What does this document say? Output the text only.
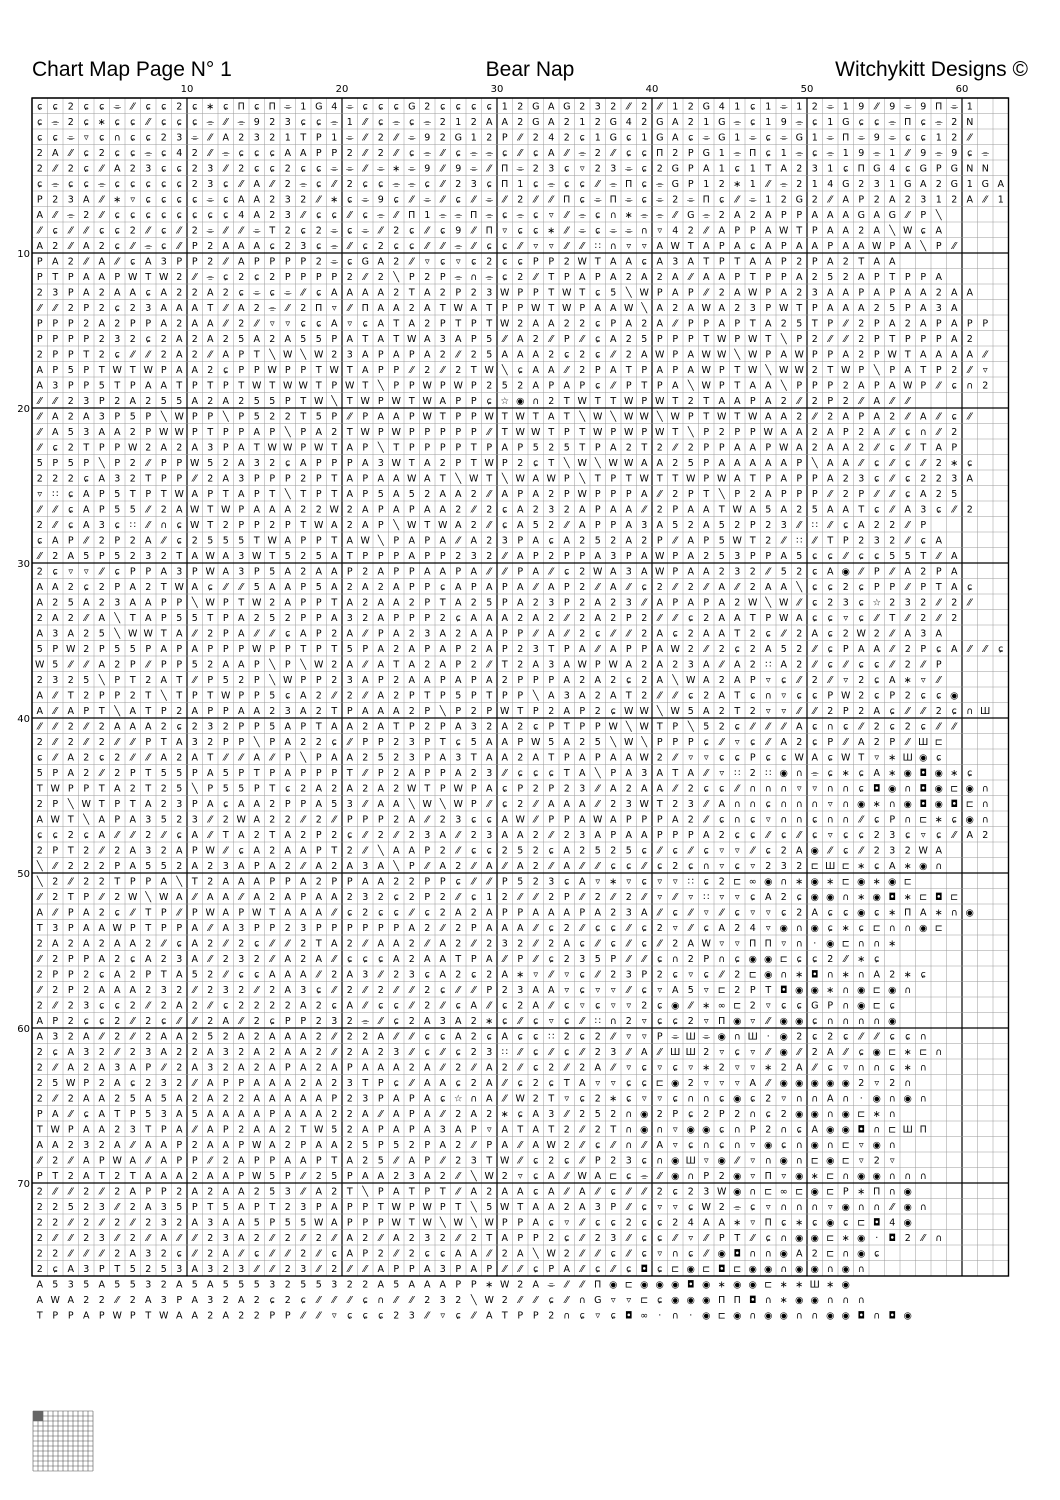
Chart Map Page N° 1	Bear Nap	Witchykitt Designs ©
10	20	30	40	50	60
10
20
30
40
50
60
70
ɕ ɕ 2 ɕ ɕ ⌯ ⁄⁄ ɕ ɕ 2 ɕ ∗ ɕ Π ɕ Π ⌯ 1 G 4 ⌯ ɕ ɕ ɕ G 2 ɕ ɕ ɕ ɕ 1 2 G A G 2 3 2 ⁄⁄ 2 ⁄⁄ 1 2 G 4 1 ɕ 1 ⌯ 1 2 ⌯ 1 9 ⁄⁄ 9 ⌯ 9 Π ⌯ 1
ɕ ⌯ 2 ɕ ∗ ɕ ɕ ⁄⁄ ɕ ɕ ɕ ⌯ ⁄⁄ ⌯ 9 2 3 ɕ ɕ ⌯ 1 ⁄⁄ ɕ ⌯ ɕ ⌯ 2 1 2 A A 2 G A 2 1 2 G 4 2 G A 2 1 G ⌯ ɕ 1 9 ⌯ ɕ 1 G ɕ ɕ ⌯ Π ɕ ⌯ 2 N
ɕ ɕ ⌯ ▿ ɕ ∩ ɕ ɕ 2 3 ⌯ ⁄⁄ A 2 3 2 1 T P 1 ⌯ ⁄⁄ 2 ⁄⁄ ⌯ 9 2 G 1 2 P ⁄⁄ 2 4 2 ɕ 1 G ɕ 1 G A ɕ ⌯ G 1 ⌯ ɕ ⌯ G 1 ⌯ Π ⌯ 9 ⌯ ɕ ɕ 1 2 ⁄⁄
2 A ⁄⁄ ɕ 2 ɕ ɕ ⌯ ɕ 4 2 ⁄⁄ ⌯ ɕ ɕ ɕ A A P P 2 ⁄⁄ 2 ⁄⁄ ɕ ⌯ ⁄⁄ ɕ ⌯ ⌯ ɕ ⁄⁄ ɕ A ⁄⁄ ⌯ 2 ⁄⁄ ɕ ɕ Π 2 P G 1 ⌯ Π ɕ 1 ⌯ ɕ ⌯ 1 9 ⌯ 1 ⁄⁄ 9 ⌯ 9 ɕ ⌯
2 ⁄⁄ 2 ɕ ⁄⁄ A 2 3 ɕ ɕ 2 3 ⁄⁄ 2 ɕ ɕ 2 ɕ ɕ ⌯ ⌯ ⁄⁄ ⌯ ∗ ⌯ 9 ⁄⁄ 9 ⌯ ⁄⁄ Π ⌯ 2 3 ɕ ▿ 2 3 ⌯ ɕ 2 G P A 1 ɕ 1 T A 2 3 1 ɕ Π G 4 ɕ G P G N N
ɕ ⌯ ɕ ɕ ⌯ ɕ ɕ ɕ ɕ ɕ 2 3 ɕ ⁄⁄ A ⁄⁄ 2 ⌯ ɕ ⁄⁄ 2 ɕ ɕ ⌯ ⌯ ɕ ⁄⁄ 2 3 ɕ Π 1 ɕ ⌯ ɕ ɕ ⁄⁄ ⌯ Π ɕ ⌯ G P 1 2 ∗ 1 ⁄⁄ ⌯ 2 1 4 G 2 3 1 G A 2 G 1 G A
P 2 3 A ⁄⁄ ∗ ▿ ɕ ɕ ɕ ɕ ⌯ ɕ A A 2 3 2 ⁄⁄ ∗ ɕ ⌯ 9 ɕ ⁄⁄ ⌯ ⁄⁄ ɕ ⁄⁄ ⌯ ⁄⁄ 2 ⁄⁄ ⁄⁄ Π ɕ ⌯ Π ⌯ ɕ ⌯ 2 ⌯ Π ɕ ⁄⁄ ⌯ 1 2 G 2 ⁄⁄ A P 2 A 2 3 1 2 A ⁄⁄ 1
A ⁄⁄ ⌯ 2 ⁄⁄ ɕ ɕ ɕ ɕ ɕ ɕ ɕ ɕ 4 A 2 3 ⁄⁄ ɕ ɕ ⁄⁄ ɕ ⌯ ⁄⁄ Π 1 ⌯ ⌯ Π ⌯ ɕ ⌯ ɕ ▿ ⁄⁄ ⌯ ɕ ∩ ∗ ⌯ ⌯ ⁄⁄ G ⌯ 2 A 2 A P P A A A G A G ⁄⁄ P ╲
⁄⁄ ɕ ⁄⁄ ⁄⁄ ɕ ɕ 2 ⁄⁄ ɕ ⁄⁄ 2 ⌯ ⁄⁄ ⁄⁄ ⌯ T 2 ɕ 2 ⌯ ɕ ⌯ ⁄⁄ 2 ɕ ⁄⁄ ɕ 9 ⁄⁄ Π ▿ ɕ ɕ ∗ ⁄⁄ ⌯ ɕ ⌯ ⌯ ∩ ▿ 4 2 ⁄⁄ A P P A W T P A A 2 A ╲ W ɕ A
A 2 ⁄⁄ A 2 ɕ ⁄⁄ ⌯ ɕ ⁄⁄ P 2 A A A ɕ 2 3 ɕ ⌯ ⁄⁄ ɕ 2 ɕ ɕ ⁄⁄ ⁄⁄ ⌯ ⁄⁄ ɕ ɕ ⁄⁄ ▿ ▿ ⁄⁄ ⁄⁄ ∷ ∩ ▿ ▿ A W T A P A ɕ A P A A P A A W P A ╲ P ⁄⁄
P A 2 ⁄⁄ A ⁄⁄ ɕ A 3 P P 2 ⁄⁄ A P P P P 2 ⌯ ɕ G A 2 ⁄⁄ ▿ ɕ ▿ ɕ 2 ɕ ɕ P P 2 W T A A ɕ A 3 A T P T A A P 2 P A 2 T A A
P T P A A P W T W 2 ⁄⁄ ⌯ ɕ 2 ɕ 2 P P P P 2 ⁄⁄ 2 ╲ P 2 P ⌯ ∩ ⌯ ɕ 2 ⁄⁄ T P A P A 2 A 2 A ⁄⁄ A A P T P P A 2 5 2 A P T P P A
2 3 P A 2 A A ɕ A 2 2 A 2 ɕ ⌯ ɕ ⌯ ⁄⁄ ɕ A A A A 2 T A 2 P 2 3 W P P T W T ɕ 5 ╲ W P A P ⁄⁄ 2 A W P A 2 3 A A P A P A A 2 A A
⁄⁄ ⁄⁄ 2 P 2 ɕ 2 3 A A A T ⁄⁄ A 2 ⌯ ⁄⁄ 2 Π ▿ ⁄⁄ Π A A 2 A T W A T P P W T W P A A W ╲ A 2 A W A 2 3 P W T P A A A 2 5 P A 3 A
P P P 2 A 2 P P A 2 A A ⁄⁄ 2 ⁄⁄ ▿ ▿ ɕ ɕ A ▿ ɕ A T A 2 P T P T W 2 A A 2 2 ɕ P A 2 A ⁄⁄ P P A P T A 2 5 T P ⁄⁄ 2 P A 2 A P A P P
P P P P 2 3 2 ɕ 2 A 2 A 2 5 A 2 A 5 5 P A T A T W A 3 A P 5 ⁄⁄ A 2 ⁄⁄ P ⁄⁄ ɕ A 2 5 P P P T W P W T ╲ P 2 ⁄⁄ ⁄⁄ 2 P T P P P A 2
2 P P T 2 ɕ ⁄⁄ ⁄⁄ 2 A 2 ⁄⁄ A P T ╲ W ╲ W 2 3 A P A P A 2 ⁄⁄ 2 5 A A A 2 ɕ 2 ɕ ⁄⁄ 2 A W P A W W ╲ W P A W P P A 2 P W T A A A A ⁄⁄
A P 5 P T W T W P A A 2 ɕ P P W P P T W T A P P ⁄⁄ 2 ⁄⁄ 2 T W ╲ ɕ A A ⁄⁄ 2 P A T P A P A W P T W ╲ W W 2 T W P ╲ P A T P 2 ⁄⁄ ▿
A 3 P P 5 T P A A T P T P T W T W W T P W T ╲ P P W P W P 2 5 2 A P A P ɕ ⁄⁄ P T P A ╲ W P T A A ╲ P P P 2 A P A W P ⁄⁄ ɕ ∩ 2
⁄⁄ ⁄⁄ 2 3 P 2 A 2 5 5 A 2 A 2 5 5 P T W ╲ T W P W T W A P P ɕ ☆ ◉ ∩ 2 T W T T W P W T 2 T A A P A 2 ⁄⁄ 2 P 2 ⁄⁄ A ⁄⁄ ⁄⁄
⁄⁄ A 2 A 3 P 5 P ╲ W P P ╲ P 5 2 2 T 5 P ⁄⁄ P A A P W T P P W T W T A T ╲ W ╲ W W ╲ W P T W T W A A 2 ⁄⁄ 2 A P A 2 ⁄⁄ A ⁄⁄ ɕ ⁄⁄
⁄⁄ A 5 3 A A 2 P W W P T P P A P ╲ P A 2 T W P W P P P P P ⁄⁄ T W W T P T W P W P W T ╲ P 2 P P W A A 2 A P 2 A ⁄⁄ ɕ ∩ ⁄⁄ 2
⁄⁄ ɕ 2 T P P W 2 A 2 A 3 P A T W W P W T A P ╲ T P P P P T P A P 5 2 5 T P A 2 T 2 ⁄⁄ 2 P P A A P W A 2 A A 2 ⁄⁄ ɕ ⁄⁄ T A P
5 P 5 P ╲ P 2 ⁄⁄ P P W 5 2 A 3 2 ɕ A P P P A 3 W T A 2 P T W P 2 ɕ T ╲ W ╲ W W A A 2 5 P A A A A A P ╲ A A ⁄⁄ ɕ ⁄⁄ ɕ ⁄⁄ 2 ∗ ɕ
2 2 2 ɕ A 3 2 T P P ⁄⁄ 2 A 3 P P P 2 P T A P A A W A T ╲ W T ╲ W A W P ╲ T P T W T T W P W A T P A P P A 2 3 ɕ ⁄⁄ ɕ 2 2 3 A
▿ ∷ ɕ A P 5 T P T W A P T A P T ╲ T P T A P 5 A 5 2 A A 2 ⁄⁄ A P A 2 P W P P P A ⁄⁄ 2 P T ╲ P 2 A P P P ⁄⁄ 2 P ⁄⁄ ⁄⁄ ɕ A 2 5
⁄⁄ ⁄⁄ ɕ A P 5 5 ⁄⁄ 2 A W T W P A A A 2 2 W 2 A P A P A A 2 ⁄⁄ 2 ɕ A 2 3 2 A P A A ⁄⁄ 2 P A A T W A 5 A 2 5 A A T ɕ ⁄⁄ A 3 ɕ ⁄⁄ 2
2 ⁄⁄ ɕ A 3 ɕ ∷ ⁄⁄ ∩ ɕ W T 2 P P 2 P T W A 2 A P ╲ W T W A 2 ⁄⁄ ɕ A 5 2 ⁄⁄ A P P A 3 A 5 2 A 5 2 P 2 3 ⁄⁄ ∷ ⁄⁄ ɕ A 2 2 ⁄⁄ P
ɕ A P ⁄⁄ 2 P 2 A ⁄⁄ ɕ 2 5 5 5 T W A P P T A W ╲ P A P A ⁄⁄ A 2 3 P A ɕ A 2 5 2 A 2 P ⁄⁄ A P 5 W T 2 ⁄⁄ ∷ ⁄⁄ T P 2 3 2 ⁄⁄ ɕ A
⁄⁄ 2 A 5 P 5 2 3 2 T A W A 3 W T 5 2 5 A T P P P A P P 2 3 2 ⁄⁄ A P 2 P P A 3 P A W P A 2 5 3 P P A 5 ɕ ɕ ⁄⁄ ɕ ɕ 5 5 T ⁄⁄ A
2 ɕ ▿ ▿ ⁄⁄ ɕ P P A 3 P W A 3 P 5 A 2 A A P 2 A P P A A P A ⁄⁄ ⁄⁄ P A ⁄⁄ ɕ 2 W A 3 A W P A A 2 3 2 ⁄⁄ 5 2 ɕ A ◉ ⁄⁄ P ⁄⁄ A 2 P A
A A 2 ɕ 2 P A 2 T W A ɕ ⁄⁄ ⁄⁄ 5 A A P 5 A 2 A 2 A P P ɕ A P A P A ⁄⁄ A P 2 ⁄⁄ A ⁄⁄ ɕ 2 ⁄⁄ 2 ⁄⁄ A ⁄⁄ 2 A A ╲ ɕ ɕ 2 ɕ P P ⁄⁄ P T A ɕ
A 2 5 A 2 3 A A P P ╲ W P T W 2 A P P T A 2 A A 2 P T A 2 5 P A 2 3 P 2 A 2 3 ⁄⁄ A P A P A 2 W ╲ W ⁄⁄ ɕ 2 3 ɕ ☆ 2 3 2 ⁄⁄ 2 ⁄⁄
2 A 2 ⁄⁄ A ╲ T A P 5 5 T P A 2 5 2 P P A 3 2 A P P P 2 ɕ A A A 2 A 2 ⁄⁄ 2 A 2 P 2 ⁄⁄ ⁄⁄ ɕ 2 A A T P W A ɕ ɕ ▿ ɕ ⁄⁄ T ⁄⁄ 2 ⁄⁄ 2
A 3 A 2 5 ╲ W W T A ⁄⁄ 2 P A ⁄⁄ ⁄⁄ ɕ A P 2 A ⁄⁄ P A 2 3 A 2 A A P P ⁄⁄ A ⁄⁄ 2 ɕ ⁄⁄ ⁄⁄ 2 A ɕ 2 A A T 2 ɕ ⁄⁄ 2 A ɕ 2 W 2 ⁄⁄ A 3 A
5 P W 2 P 5 5 P A P A P P P W P P T P T 5 P A 2 A P A P 2 A P 2 3 T P A ⁄⁄ A P P A W 2 ⁄⁄ 2 ɕ 2 A 5 2 ⁄⁄ ɕ P A A ⁄⁄ 2 P ɕ A ⁄⁄ ⁄⁄ ɕ
W 5 ⁄⁄ ⁄⁄ A 2 P ⁄⁄ P P 5 2 A A P ╲ P ╲ W 2 A ⁄⁄ A T A 2 A P 2 ⁄⁄ T 2 A 3 A W P W A 2 A 2 3 A ⁄⁄ A 2 ∷ A 2 ⁄⁄ ɕ ⁄⁄ ɕ ɕ ⁄⁄ 2 ⁄⁄ P
2 3 2 5 ╲ P T 2 A T ⁄⁄ P 5 2 P ╲ W P P 2 3 A P 2 A A P A P A 2 P P P A 2 A 2 ɕ 2 A ╲ W A 2 A P ▿ ɕ ⁄⁄ 2 ⁄⁄ ▿ 2 ɕ A ∗ ▿ ⁄⁄
A ⁄⁄ T 2 P P 2 T ╲ T P T W P P 5 ɕ A 2 ⁄⁄ 2 ⁄⁄ A 2 P T P 5 P T P P ╲ A 3 A 2 A T 2 ⁄⁄ ⁄⁄ ɕ 2 A T ɕ ∩ ▿ ɕ ɕ P W 2 ɕ P 2 ɕ ɕ ◉
A ⁄⁄ A P T ╲ A T P 2 A P P A A 2 3 A 2 T P A A A 2 P ╲ P 2 P W T P 2 A P 2 ɕ W W ╲ W 5 A 2 T 2 ▿ ▿ ⁄⁄ ⁄⁄ 2 P 2 A ɕ ⁄⁄ ⁄⁄ 2 ɕ ∩ Ш
⁄⁄ ⁄⁄ 2 ⁄⁄ 2 A A A 2 ɕ 2 3 2 P P 5 A P T A A 2 A T P 2 P A 3 2 A 2 ɕ P T P P W ╲ W T P ╲ 5 2 ɕ ⁄⁄ ⁄⁄ ⁄⁄ A ɕ ∩ ɕ ⁄⁄ 2 ɕ 2 ɕ ⁄⁄ ⁄⁄
2 ⁄⁄ 2 ⁄⁄ 2 ⁄⁄ ⁄⁄ P T A 3 2 P P ╲ P A 2 2 ɕ ⁄⁄ P P 2 3 P T ɕ 5 A A P W 5 A 2 5 ╲ W ╲ P P P ɕ ⁄⁄ ▿ ɕ ⁄⁄ A 2 ɕ P ⁄⁄ A 2 P ⁄⁄ Ш ⊏
ɕ ⁄⁄ A 2 ɕ 2 ⁄⁄ ⁄⁄ A 2 A T ⁄⁄ ⁄⁄ A ⁄⁄ P ╲ P A A 2 5 2 3 P A 3 T A A 2 A T P A P A A W 2 ⁄⁄ ▿ ▿ ɕ ɕ P ɕ ɕ W A ɕ W T ▿ ∗ Ш ◉ ɕ
5 P A 2 ⁄⁄ 2 P T 5 5 P A 5 P T P A P P P T ⁄⁄ P 2 A P P A 2 3 ⁄⁄ ɕ ɕ ɕ T A ╲ P A 3 A T A ⁄⁄ ▿ ∷ 2 ∷ ◉ ∩ ⌯ ɕ ∗ ɕ A ∗ ◉ ◘ ◉ ∗ ɕ
T W P P T A 2 T 2 5 ╲ P 5 5 P T ɕ 2 A 2 A 2 A 2 W T P W P A ɕ P 2 P 2 3 ⁄⁄ A 2 A A ⁄⁄ 2 ɕ ɕ ⁄⁄ ∩ ∩ ∩ ▿ ▿ ∩ ∩ ɕ ◘ ◉ ∩ ◘ ◉ ⊏ ◉ ∩
2 P ╲ W T P T A 2 3 P A ɕ A A 2 P P A 5 3 ⁄⁄ A A ╲ W ╲ W P ⁄⁄ ɕ 2 ⁄⁄ A A A ⁄⁄ 2 3 W T 2 3 ⁄⁄ A ∩ ∩ ɕ ∩ ∩ ∩ ▿ ∩ ◉ ∗ ∩ ◉ ◘ ◉ ◘ ⊏ ∩
A W T ╲ A P A 3 5 2 3 ⁄⁄ 2 W A 2 2 ⁄⁄ 2 ⁄⁄ P P P 2 A ⁄⁄ 2 3 ɕ ɕ A W ⁄⁄ P P A W A P P P A 2 ⁄⁄ ɕ ∩ ɕ ▿ ∩ ∩ ɕ ∩ ∩ ⁄⁄ ɕ P ∩ ⊏ ∗ ɕ ◉ ∩
ɕ ɕ 2 ɕ A ⁄⁄ ⁄⁄ 2 ⁄⁄ ɕ A ⁄⁄ T A 2 T A 2 P 2 ɕ ⁄⁄ 2 ⁄⁄ 2 3 A ⁄⁄ 2 3 A A 2 ⁄⁄ 2 3 A P A A P P P A 2 ɕ ɕ ⁄⁄ ɕ ⁄⁄ ɕ ▿ ɕ ɕ 2 3 ɕ ▿ ɕ ⁄⁄ A 2
2 P T 2 ⁄⁄ 2 A 3 2 A P W ⁄⁄ ɕ A 2 A A P T 2 ⁄⁄ ╲ A A P 2 ⁄⁄ ɕ ɕ 2 5 2 ɕ A 2 5 2 5 ɕ ⁄⁄ ɕ ⁄⁄ ɕ ▿ ▿ ⁄⁄ ɕ 2 A ◉ ⁄⁄ ɕ ⁄⁄ 2 3 2 W A
╲ ⁄⁄ 2 2 2 P A 5 5 2 A 2 3 A P A 2 ⁄⁄ A 2 A 3 A ╲ P ⁄⁄ A 2 ⁄⁄ A ⁄⁄ A 2 ⁄⁄ A ⁄⁄ ⁄⁄ ɕ ɕ ⁄⁄ ɕ 2 ɕ ∩ ▿ ɕ ▿ 2 3 2 ⊏ Ш ⊏ ∗ ɕ A ∗ ◉ ∩
╲ 2 ⁄⁄ 2 2 T P P A ╲ T 2 A A A P P A 2 P P A A 2 2 P P ɕ ⁄⁄ ⁄⁄ P 5 2 3 ɕ A ▿ ∗ ▿ ɕ ▿ ▿ ∷ ɕ 2 ⊏ ∞ ◉ ∩ ∗ ◉ ∗ ⊏ ◉ ∗ ◉ ⊏
⁄⁄ 2 T P ⁄⁄ 2 W ╲ W A ⁄⁄ A A ⁄⁄ A 2 A P A A 2 3 2 ɕ 2 P 2 ⁄⁄ ɕ 1 2 ⁄⁄ ⁄⁄ 2 P ⁄⁄ 2 ⁄⁄ 2 ⁄⁄ ▿ ⁄⁄ ▿ ∷ ▿ ▿ ɕ A 2 ɕ ◉ ◉ ∩ ∗ ◉ ◘ ∗ ⊏ ◘ ⊏
A ⁄⁄ P A 2 ɕ ⁄⁄ T P ⁄⁄ P W A P W T A A A ⁄⁄ ɕ 2 ɕ ɕ ⁄⁄ ɕ 2 A 2 A P P A A A P A 2 3 A ⁄⁄ ɕ ⁄⁄ ▿ ⁄⁄ ɕ ▿ ▿ ɕ 2 A ɕ ɕ ◉ ɕ ∗ Π A ∗ ∩ ◉
T 3 P A A W P T P P A ⁄⁄ A 3 P P 2 3 P P P P P P A 2 ⁄⁄ 2 P A A A ⁄⁄ ɕ 2 ⁄⁄ ɕ ɕ ⁄⁄ ɕ 2 ▿ ⁄⁄ ɕ A 2 4 ▿ ◉ ∩ ◉ ɕ ∗ ɕ ⊏ ∩ ∩ ◉ ⊏
2 A 2 A 2 A A 2 ⁄⁄ ɕ A 2 ⁄⁄ 2 ɕ ⁄⁄ ⁄⁄ 2 T A 2 ⁄⁄ A A 2 ⁄⁄ A 2 ⁄⁄ 2 3 2 ⁄⁄ 2 A ɕ ⁄⁄ ɕ ⁄⁄ ɕ ⁄⁄ 2 A W ▿ ▿ Π Π ▿ ∩ · ◉ ⊏ ∩ ∩ ∗
⁄⁄ 2 P P A 2 ɕ A 2 3 A ⁄⁄ 2 3 2 ⁄⁄ A 2 A ⁄⁄ ɕ ɕ ɕ A 2 A A T P A ⁄⁄ P ⁄⁄ ɕ 2 3 5 P ⁄⁄ ⁄⁄ ɕ ∩ 2 P ∩ ɕ ◉ ◉ ⊏ ɕ ɕ 2 ⁄⁄ ∗ ɕ
2 P P 2 ɕ A 2 P T A 5 2 ⁄⁄ ɕ ɕ A A A ⁄⁄ 2 A 3 ⁄⁄ 2 3 ɕ A 2 ɕ 2 A ∗ ▿ ⁄⁄ ▿ ɕ ⁄⁄ 2 3 P 2 ɕ ▿ ɕ ⁄⁄ 2 ⊏ ◉ ∩ ∗ ◘ ∩ ∗ ∩ A 2 ∗ ɕ
⁄⁄ 2 P 2 A A A 2 3 2 ⁄⁄ 2 3 2 ⁄⁄ 2 A 3 ɕ ⁄⁄ 2 ⁄⁄ 2 ⁄⁄ ⁄⁄ 2 ɕ ⁄⁄ ⁄⁄ P 2 3 A A ▿ ɕ ▿ ▿ ⁄⁄ ɕ ▿ A 5 ▿ ⊏ 2 P T ◘ ◉ ◉ ∗ ∩ ◉ ⊏ ◉ ∩
2 ⁄⁄ 2 3 ɕ ɕ 2 ⁄⁄ 2 A 2 ⁄⁄ ɕ 2 2 2 2 A 2 ɕ A ⁄⁄ ɕ ɕ ⁄⁄ 2 ⁄⁄ ɕ A ⁄⁄ ɕ 2 A ⁄⁄ ɕ ▿ ɕ ▿ ▿ 2 ɕ ◉ ⁄⁄ ∗ ∞ ⊏ 2 ▿ ɕ ɕ G P ∩ ◉ ⊏ ɕ
A P 2 ɕ ɕ 2 ⁄⁄ 2 ɕ ⁄⁄ ⁄⁄ 2 A ⁄⁄ 2 ɕ P P 2 3 2 ⌯ ⁄⁄ ɕ 2 A 3 A 2 ∗ ɕ ⁄⁄ ɕ ▿ ɕ ⁄⁄ ∷ ∩ 2 ▿ ɕ ɕ 2 ▿ Π ◉ ▿ ⁄⁄ ◉ ◉ ɕ ∩ ∩ ∩ ∩ ◉
A 3 2 A ⁄⁄ 2 ⁄⁄ 2 A A 2 5 2 A 2 A A A 2 ⁄⁄ 2 2 A ⁄⁄ ⁄⁄ ɕ ɕ A 2 ɕ A ɕ ɕ ∷ 2 ɕ 2 ⁄⁄ ▿ ▿ P ⌯ Ш ⌯ ◉ ∩ Ш · ◉ 2 ɕ 2 ɕ ⁄⁄ ⁄⁄ ɕ ɕ ∩
2 ɕ A 3 2 ⁄⁄ 2 3 A 2 2 A 3 2 A 2 A A 2 ⁄⁄ 2 A 2 3 ⁄⁄ ɕ ⁄⁄ ɕ 2 3 ∷ ⁄⁄ ɕ ⁄⁄ ɕ ⁄⁄ 2 3 ⁄⁄ A ⁄⁄ Ш Ш 2 ▿ ɕ ▿ ⁄⁄ ◉ ⁄⁄ 2 A ⁄⁄ ɕ ◉ ⊏ ∗ ⊏ ∩
2 ⁄⁄ A 2 A 3 A P ⁄⁄ 2 A 3 2 A 2 A P A 2 A P A A A 2 A ⁄⁄ 2 ⁄⁄ A 2 ⁄⁄ ɕ 2 ⁄⁄ 2 A ⁄⁄ ▿ ɕ ▿ ɕ ▿ ∗ 2 ▿ ▿ ∗ 2 A ⁄⁄ ɕ ▿ ∩ ∩ ɕ ∗ ∩
2 5 W P 2 A ɕ 2 3 2 ⁄⁄ A P P A A A 2 A 2 3 T P ɕ ⁄⁄ A A ɕ 2 A ⁄⁄ ɕ 2 ɕ T A ▿ ▿ ɕ ɕ ⊏ ◉ 2 ▿ ▿ ▿ A ⁄⁄ ◉ ◉ ◉ ◉ ◉ 2 ▿ 2 ∩
2 ⁄⁄ 2 A A 2 5 A 5 A 2 A 2 2 A A A A A P 2 3 P A P A ɕ ☆ ∩ A ⁄⁄ W 2 T ▿ ɕ 2 ∗ ɕ ▿ ▿ ɕ ∩ ∩ ɕ ◉ ɕ 2 ▿ ∩ ∩ A ∩ · ◉ ∩ ◉ ∩
P A ⁄⁄ ɕ A T P 5 3 A 5 A A A A P A A A 2 2 A ⁄⁄ A P A ⁄⁄ 2 A 2 ∗ ɕ A 3 ⁄⁄ 2 5 2 ∩ ◉ 2 P ɕ 2 P 2 ∩ ɕ 2 ◉ ◉ ∩ ◉ ⊏ ∗ ∩
T W P A A 2 3 T P A ⁄⁄ A P 2 A A 2 T W 5 2 A P A P A 3 A P ▿ A T A T 2 ⁄⁄ 2 T ∩ ◉ ∩ ▿ ◉ ◉ ɕ ∩ P 2 ∩ ɕ A ◉ ◉ ◘ ∩ ⊏ Ш Π
A A 2 3 2 A ⁄⁄ A A P 2 A A P W A 2 P A A 2 5 P 5 2 P A 2 ⁄⁄ P A ⁄⁄ A W 2 ⁄⁄ ɕ ⁄⁄ ∩ ⁄⁄ A ▿ ɕ ∩ ɕ ∩ ▿ ◉ ɕ ∩ ◉ ∩ ⊏ ▿ ◉ ∩
⁄⁄ 2 ⁄⁄ A P W A ⁄⁄ A P P ⁄⁄ 2 A P P A A P T A 2 5 ⁄⁄ A P ⁄⁄ 2 3 T W ⁄⁄ ɕ 2 ɕ ⁄⁄ P 2 3 ɕ ∩ ◉ Ш ▿ ◉ ⁄⁄ ▿ ∩ ◉ ∩ ⊏ ◉ ⊏ ▿ 2 ▿
P T 2 A T 2 T A A A 2 A A P W 5 P ⁄⁄ 2 5 P A A 2 3 A 2 ⁄⁄ ╲ W 2 ▿ ɕ A ⁄⁄ W A ⊏ ɕ ⌯ ⁄⁄ ◉ ∩ P 2 ◉ ▿ Π ▿ ◉ ∗ ⊏ ∩ ◉ ◉ ∩ ∩ ∩
2 ⁄⁄ ⁄⁄ 2 ⁄⁄ 2 A P P 2 A 2 A A 2 5 3 ⁄⁄ A 2 T ╲ P A T P T ⁄⁄ A 2 A A ɕ A ⁄⁄ A ⁄⁄ ɕ ⁄⁄ ⁄⁄ 2 ɕ 2 3 W ◉ ∩ ⊏ ∞ ⊏ ◉ ⊏ P ∗ Π ∩ ◉
2 2 5 2 3 ⁄⁄ 2 A 3 5 P T 5 A P T 2 3 P A P P T W P W P T ╲ 5 W T A A 2 A 3 P ⁄⁄ ɕ ▿ ▿ ɕ W 2 ⌯ ɕ ▿ ∩ ∩ ∩ ▿ ◉ ∩ ∩ ⁄⁄ ◉ ∩
2 2 ⁄⁄ 2 ⁄⁄ 2 ⁄⁄ 2 3 2 A 3 A A 5 P 5 5 W A P P P W T W ╲ W ╲ W P P A ɕ ▿ ⁄⁄ ɕ ɕ 2 ɕ ɕ 2 4 A A ∗ ▿ Π ɕ ∗ ɕ ◉ ɕ ⊏ ◘ 4 ◉
2 ⁄⁄ ⁄⁄ 2 3 ⁄⁄ 2 ⁄⁄ A ⁄⁄ ⁄⁄ 2 3 A 2 ⁄⁄ 2 ⁄⁄ 2 ⁄⁄ A 2 ⁄⁄ A 2 3 2 ⁄⁄ 2 T A P P 2 ɕ ⁄⁄ 2 3 ⁄⁄ ɕ ɕ ⁄⁄ ▿ ⁄⁄ P T ⁄⁄ ɕ ∩ ◉ ◉ ⊏ ∗ ◉ · ◘ 2 ⁄⁄ ∩
2 2 ⁄⁄ ⁄⁄ ⁄⁄ 2 A 3 2 ɕ ⁄⁄ 2 A ⁄⁄ ɕ ⁄⁄ ⁄⁄ 2 ⁄⁄ ɕ A P 2 ⁄⁄ 2 ɕ ɕ A A ⁄⁄ 2 A ╲ W 2 ⁄⁄ ⁄⁄ ɕ ⁄⁄ ɕ ▿ ∩ ɕ ⁄⁄ ◉ ◘ ∩ ∩ ◉ A 2 ⊏ ∩ ◉ ɕ
2 ɕ A 3 P T 5 2 5 3 A 3 2 3 ⁄⁄ ⁄⁄ 2 3 ⁄⁄ 2 ⁄⁄ ⁄⁄ A P P A 3 P A P ⁄⁄ ⁄⁄ ɕ P A ⁄⁄ ɕ ⁄⁄ ɕ ◘ ɕ ⊏ ◉ ⊏ ◘ ⊏ ◉ ◉ ∩ ◉ ◉ ∩ ◉ ∩
A 5 3 5 A 5 5 3 2 A 5 A 5 5 5 3 2 5 5 3 2 2 A 5 A A A P P ∗ W 2 A ⌯ ⁄⁄ ⁄⁄ Π ◉ ⊏ ◉ ◉ ◉ ◘ ◉ ∗ ◉ ◉ ⊏ ∗ ∗ Ш ∗ ◉
A W A 2 2 ⁄⁄ 2 A 3 P A 3 2 A 2 ɕ 2 ɕ ⁄⁄ ⁄⁄ ⁄⁄ ɕ ∩ ⁄⁄ ⁄⁄ 2 3 2 ╲ W 2 ⁄⁄ ⁄⁄ ɕ ⁄⁄ ∩ G ▿ ▿ ⊏ ɕ ◉ ◉ ◉ Π Π ◘ ∩ ∗ ◉ ◉ ∩ ∩ ∩
T P P A P W P T W A A 2 A 2 2 P P ⁄⁄ ⁄⁄ ▿ ɕ ɕ ɕ 2 3 ⁄⁄ ▿ ɕ ⁄⁄ A T P P 2 ∩ ɕ ▿ ɕ ◘ ∞ · ∩ · ◉ ⊏ ◉ ∩ ◉ ◉ ∩ ∩ ◉ ◉ ◘ ∩ ◘ ◉
